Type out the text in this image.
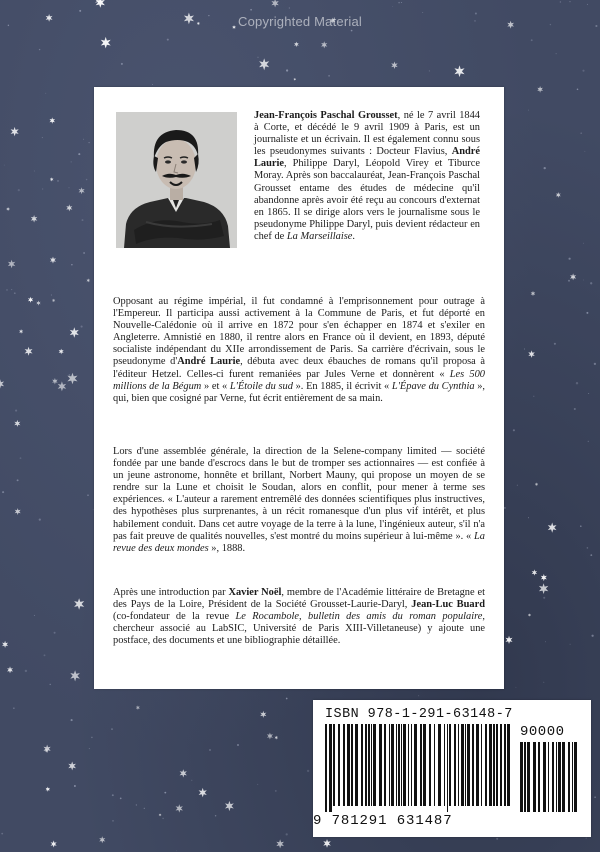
Copyrighted Material

Jean-François Paschal Grousset, né le 7 avril 1844 à Corte, et décédé le 9 avril 1909 à Paris, est un journaliste et un écrivain. Il est également connu sous les pseudonymes suivants : Docteur Flavius, André Laurie, Philippe Daryl, Léopold Virey et Tiburce Moray. Après son baccalauréat, Jean-François Paschal Grousset entame des études de médecine qu'il abandonne après avoir été reçu au concours d'externat en 1865. Il se dirige alors vers le journalisme sous le pseudonyme Philippe Daryl, puis devient rédacteur en chef de La Marseillaise.

Opposant au régime impérial, il fut condamné à l'emprisonnement pour outrage à l'Empereur. Il participa aussi activement à la Commune de Paris, et fut déporté en Nouvelle-Calédonie où il arrive en 1872 pour s'en échapper en 1874 et s'exiler en Angleterre. Amnistié en 1880, il rentre alors en France où il devient, en 1893, député socialiste indépendant du XIIe arrondissement de Paris. Sa carrière d'écrivain, sous le pseudonyme d'André Laurie, débuta avec deux ébauches de romans qu'il proposa à l'éditeur Hetzel. Celles-ci furent remaniées par Jules Verne et donnèrent « Les 500 millions de la Bégum » et « L'Étoile du sud ». En 1885, il écrivit « L'Épave du Cynthia », qui, bien que cosigné par Verne, fut écrit entièrement de sa main.

Lors d'une assemblée générale, la direction de la Selene-company limited — société fondée par une bande d'escrocs dans le but de tromper ses actionnaires — est confiée à un jeune astronome, honnête et brillant, Norbert Mauny, qui propose un moyen de se rendre sur la Lune et choisit le Soudan, alors en conflit, pour mener à terme ses expériences. « L'auteur a rarement entremêlé des données scientifiques plus instructives, des hypothèses plus surprenantes, à un récit romanesque d'un plus vif intérêt, et plus habilement conduit. Dans cet autre voyage de la terre à la lune, l'ingénieux auteur, s'il n'a pas fait preuve de qualités nouvelles, s'est montré du moins supérieur à lui-même ». « La revue des deux mondes », 1888.

Après une introduction par Xavier Noël, membre de l'Académie littéraire de Bretagne et des Pays de la Loire, Président de la Société Grousset-Laurie-Daryl, Jean-Luc Buard (co-fondateur de la revue Le Rocambole, bulletin des amis du roman populaire, chercheur associé au LabSIC, Université de Paris XIII-Villetaneuse) y ajoute une postface, des documents et une bibliographie détaillée.

ISBN 978-1-291-63148-7
90000
9 781291 631487
